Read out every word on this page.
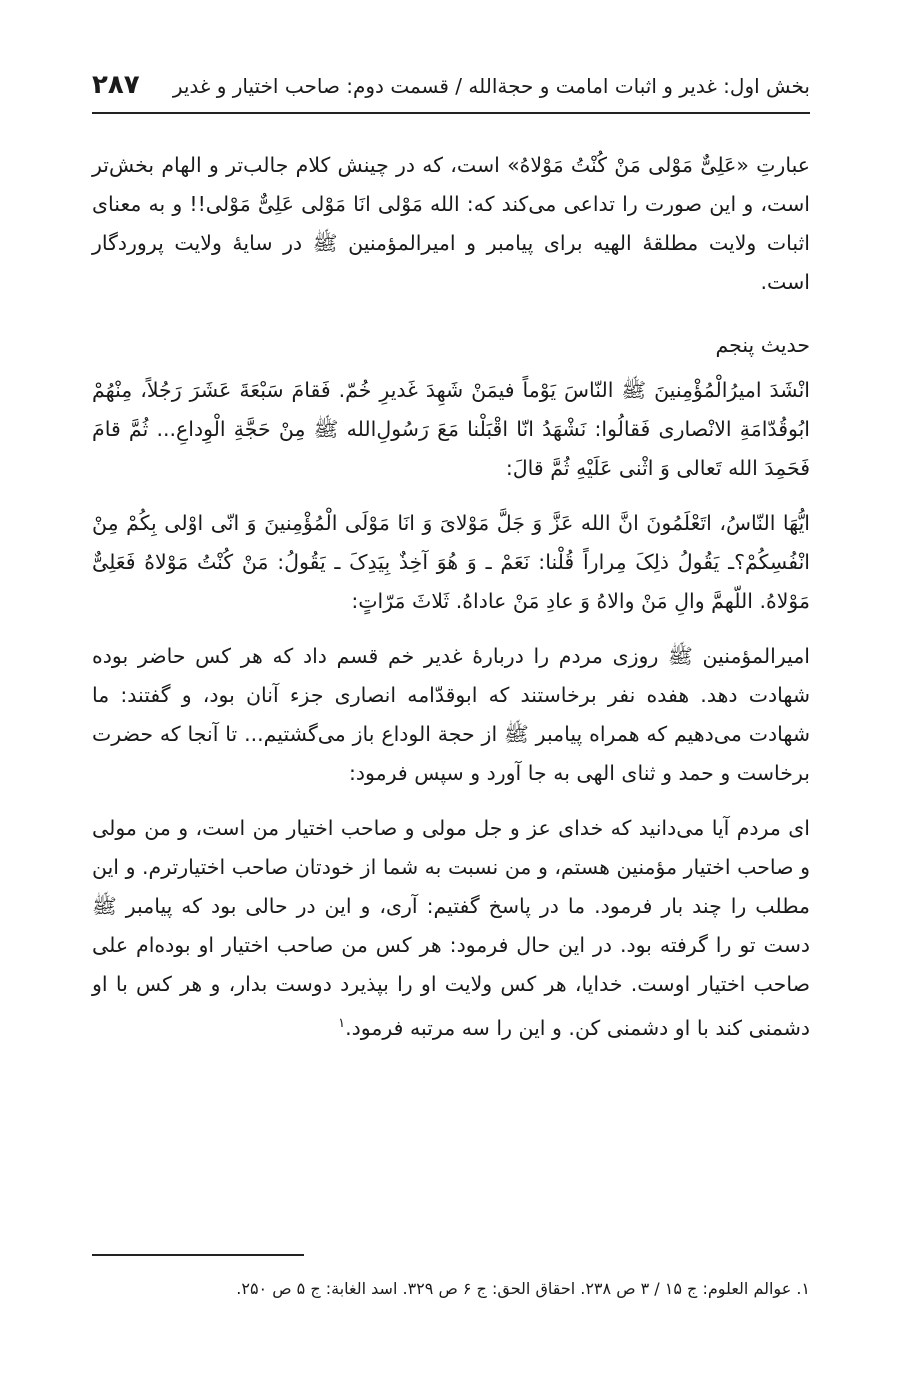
بخش اول: غدیر و اثبات امامت و حجة‌الله / قسمت دوم: صاحب اختیار و غدیر
۲۸۷

عبارتِ «عَلِیٌّ مَوْلی مَنْ کُنْتُ مَوْلاهُ» است، که در چینش کلام جالب‌تر و الهام بخش‌تر است، و این صورت را تداعی می‌کند که: الله مَوْلی انَا مَوْلی عَلِیٌّ مَوْلی!! و به معنای اثبات ولایت مطلقهٔ الهیه برای پیامبر و امیرالمؤمنین ﷺ در سایهٔ ولایت پروردگار است.

حدیث پنجم

انْشَدَ امیرُالْمُؤْمِنینَ ﷺ النّاسَ یَوْماً فیمَنْ شَهِدَ غَدیرِ خُمّ. فَقامَ سَبْعَةَ عَشَرَ رَجُلاً، مِنْهُمْ ابُوقُدّامَةِ الانْصاری فَقالُوا: نَشْهَدُ انّا اقْبَلْنا مَعَ رَسُولِ‌الله ﷺ مِنْ حَجَّةِ الْوِداعِ... ثُمَّ قامَ فَحَمِدَ الله تَعالی وَ اثْنی عَلَیْهِ ثُمَّ قالَ:

ایُّهَا النّاسُ، اتَعْلَمُونَ انَّ الله عَزَّ وَ جَلَّ مَوْلایَ وَ انَا مَوْلَی الْمُؤْمِنینَ وَ انّی اوْلی بِکُمْ مِنْ انْفُسِکُمْ؟ـ یَقُولُ ذلِکَ مِراراً قُلْنا: نَعَمْ ـ وَ هُوَ آخِذٌ بِیَدِکَ ـ یَقُولُ: مَنْ کُنْتُ مَوْلاهُ فَعَلِیٌّ مَوْلاهُ. اللّهمَّ والِ مَنْ والاهُ وَ عادِ مَنْ عاداهُ. ثَلاثَ مَرّاتٍ:

امیرالمؤمنین ﷺ روزی مردم را دربارهٔ غدیر خم قسم داد که هر کس حاضر بوده شهادت دهد. هفده نفر برخاستند که ابوقدّامه انصاری جزء آنان بود، و گفتند: ما شهادت می‌دهیم که همراه پیامبر ﷺ از حجة الوداع باز می‌گشتیم... تا آنجا که حضرت برخاست و حمد و ثنای الهی به جا آورد و سپس فرمود:

ای مردم آیا می‌دانید که خدای عز و جل مولی و صاحب اختیار من است، و من مولی و صاحب اختیار مؤمنین هستم، و من نسبت به شما از خودتان صاحب اختیارترم. و این مطلب را چند بار فرمود. ما در پاسخ گفتیم: آری، و این در حالی بود که پیامبر ﷺ دست تو را گرفته بود. در این حال فرمود: هر کس من صاحب اختیار او بوده‌ام علی صاحب اختیار اوست. خدایا، هر کس ولایت او را بپذیرد دوست بدار، و هر کس با او دشمنی کند با او دشمنی کن. و این را سه مرتبه فرمود.$^۱$

۱. عوالم العلوم: ج ۱۵ / ۳ ص ۲۳۸. احقاق الحق: ج ۶ ص ۳۲۹. اسد الغابة: ج ۵ ص ۲۵۰.
